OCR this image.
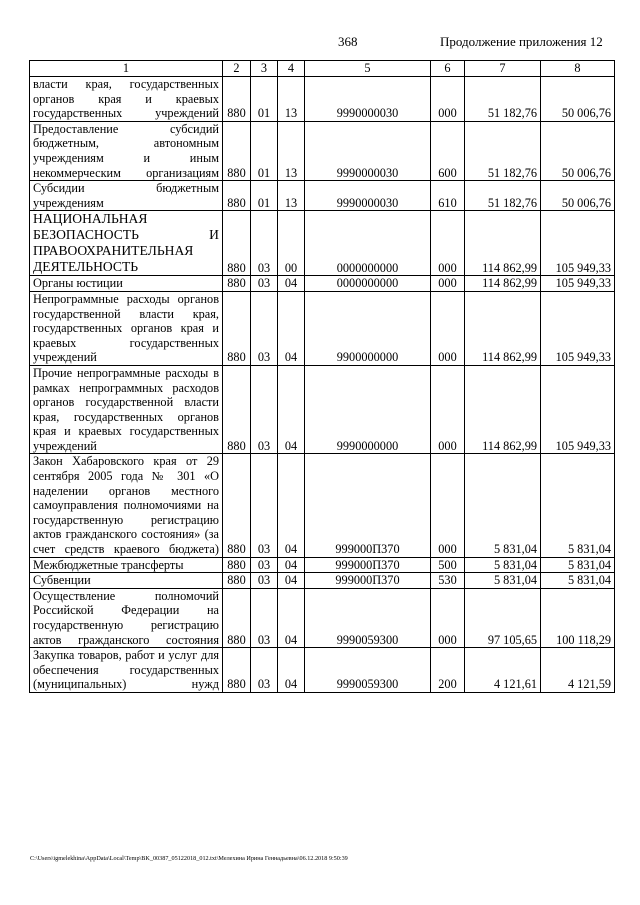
368	Продолжение приложения 12
1	2	3	4	5	6	7	8
власти края, государственных органов края и краевых государственных учреждений	880	01	13	9990000030	000	51 182,76	50 006,76
Предоставление субсидий бюджетным, автономным учреждениям и иным некоммерческим организациям	880	01	13	9990000030	600	51 182,76	50 006,76
Субсидии бюджетным учреждениям	880	01	13	9990000030	610	51 182,76	50 006,76
НАЦИОНАЛЬНАЯ БЕЗОПАСНОСТЬ И ПРАВООХРАНИТЕЛЬНАЯ ДЕЯТЕЛЬНОСТЬ	880	03	00	0000000000	000	114 862,99	105 949,33
Органы юстиции	880	03	04	0000000000	000	114 862,99	105 949,33
Непрограммные расходы органов государственной власти края, государственных органов края и краевых государственных учреждений	880	03	04	9900000000	000	114 862,99	105 949,33
Прочие непрограммные расходы в рамках непрограммных расходов органов государственной власти края, государственных органов края и краевых государственных учреждений	880	03	04	9990000000	000	114 862,99	105 949,33
Закон Хабаровского края от 29 сентября 2005 года № 301 «О наделении органов местного самоуправления полномочиями на государственную регистрацию актов гражданского состояния» (за счет средств краевого бюджета)	880	03	04	999000П370	000	5 831,04	5 831,04
Межбюджетные трансферты	880	03	04	999000П370	500	5 831,04	5 831,04
Субвенции	880	03	04	999000П370	530	5 831,04	5 831,04
Осуществление полномочий Российской Федерации на государственную регистрацию актов гражданского состояния	880	03	04	9990059300	000	97 105,65	100 118,29
Закупка товаров, работ и услуг для обеспечения государственных (муниципальных) нужд	880	03	04	9990059300	200	4 121,61	4 121,59
C:\Users\igmelekhina\AppData\Local\Temp\BK_00387_05122018_012.txt\Мелехина Ирина Геннадьевна\06.12.2018 9:50:39
